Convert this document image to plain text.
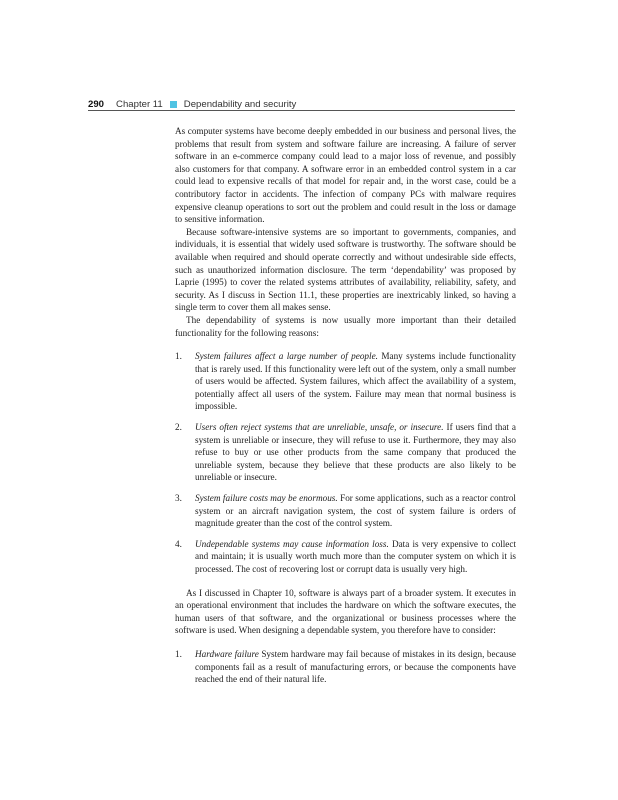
290 Chapter 11 Dependability and security

As computer systems have become deeply embedded in our business and personal lives, the problems that result from system and software failure are increasing. A failure of server software in an e-commerce company could lead to a major loss of revenue, and possibly also customers for that company. A software error in an embedded control system in a car could lead to expensive recalls of that model for repair and, in the worst case, could be a contributory factor in accidents. The infection of company PCs with malware requires expensive cleanup operations to sort out the problem and could result in the loss or damage to sensitive information.

Because software-intensive systems are so important to governments, companies, and individuals, it is essential that widely used software is trustworthy. The software should be available when required and should operate correctly and without undesirable side effects, such as unauthorized information disclosure. The term ‘dependability’ was proposed by Laprie (1995) to cover the related systems attributes of availability, reliability, safety, and security. As I discuss in Section 11.1, these properties are inextricably linked, so having a single term to cover them all makes sense.

The dependability of systems is now usually more important than their detailed functionality for the following reasons:

1. System failures affect a large number of people. Many systems include functionality that is rarely used. If this functionality were left out of the system, only a small number of users would be affected. System failures, which affect the availability of a system, potentially affect all users of the system. Failure may mean that normal business is impossible.
2. Users often reject systems that are unreliable, unsafe, or insecure. If users find that a system is unreliable or insecure, they will refuse to use it. Furthermore, they may also refuse to buy or use other products from the same company that produced the unreliable system, because they believe that these products are also likely to be unreliable or insecure.
3. System failure costs may be enormous. For some applications, such as a reactor control system or an aircraft navigation system, the cost of system failure is orders of magnitude greater than the cost of the control system.
4. Undependable systems may cause information loss. Data is very expensive to collect and maintain; it is usually worth much more than the computer system on which it is processed. The cost of recovering lost or corrupt data is usually very high.

As I discussed in Chapter 10, software is always part of a broader system. It executes in an operational environment that includes the hardware on which the software executes, the human users of that software, and the organizational or business processes where the software is used. When designing a dependable system, you therefore have to consider:

1. Hardware failure System hardware may fail because of mistakes in its design, because components fail as a result of manufacturing errors, or because the components have reached the end of their natural life.
